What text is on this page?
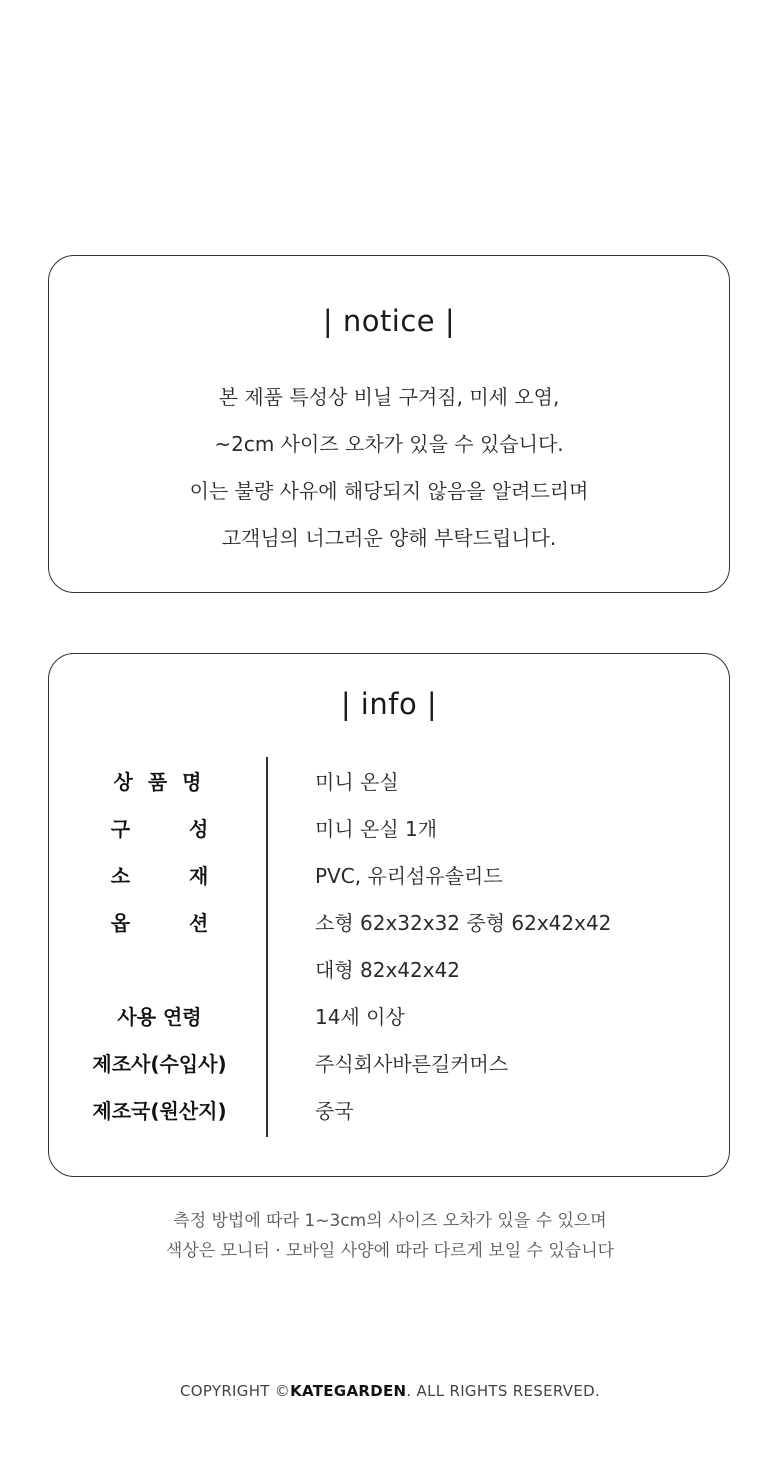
| notice |
본 제품 특성상 비닐 구겨짐, 미세 오염,
~2cm 사이즈 오차가 있을 수 있습니다.
이는 불량 사유에 해당되지 않음을 알려드리며
고객님의 너그러운 양해 부탁드립니다.
| info |
상 품 명	미니 온실
구 성	미니 온실 1개
소 재	PVC, 유리섬유솔리드
옵 션	소형 62x32x32 중형 62x42x42
대형 82x42x42
사용 연령	14세 이상
제조사(수입사)	주식회사바른길커머스
제조국(원산지)	중국
측정 방법에 따라 1~3cm의 사이즈 오차가 있을 수 있으며
색상은 모니터 · 모바일 사양에 따라 다르게 보일 수 있습니다
COPYRIGHT ©KATEGARDEN. ALL RIGHTS RESERVED.
